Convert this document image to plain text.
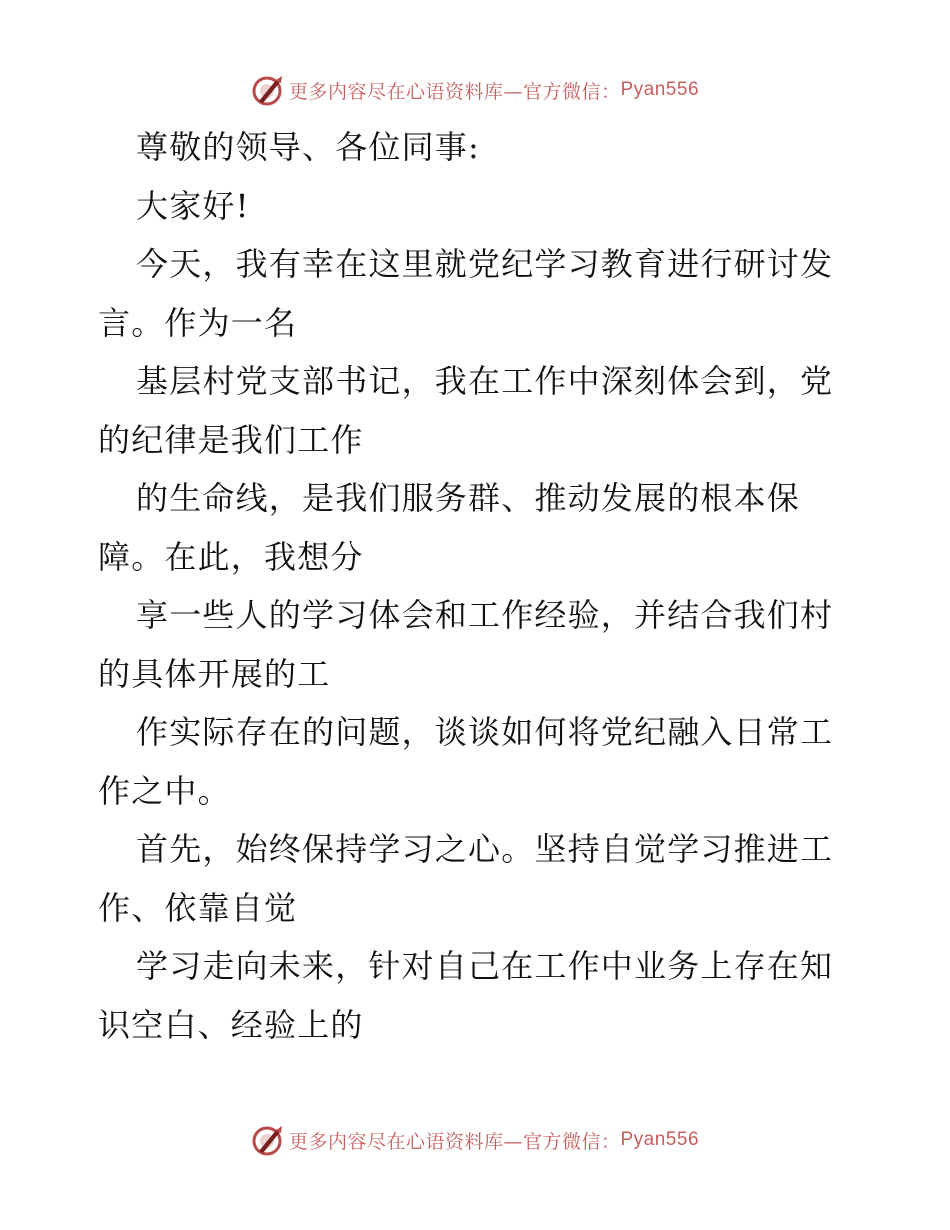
更多内容尽在心语资料库—官方微信： Pyan556
尊敬的领导、各位同事:
大家好!
今天，我有幸在这里就党纪学习教育进行研讨发
言。作为一名
基层村党支部书记，我在工作中深刻体会到，党
的纪律是我们工作
的生命线，是我们服务群、推动发展的根本保
障。在此，我想分
享一些人的学习体会和工作经验，并结合我们村
的具体开展的工
作实际存在的问题，谈谈如何将党纪融入日常工
作之中。
首先，始终保持学习之心。坚持自觉学习推进工
作、依靠自觉
学习走向未来，针对自己在工作中业务上存在知
识空白、经验上的
更多内容尽在心语资料库—官方微信： Pyan556
